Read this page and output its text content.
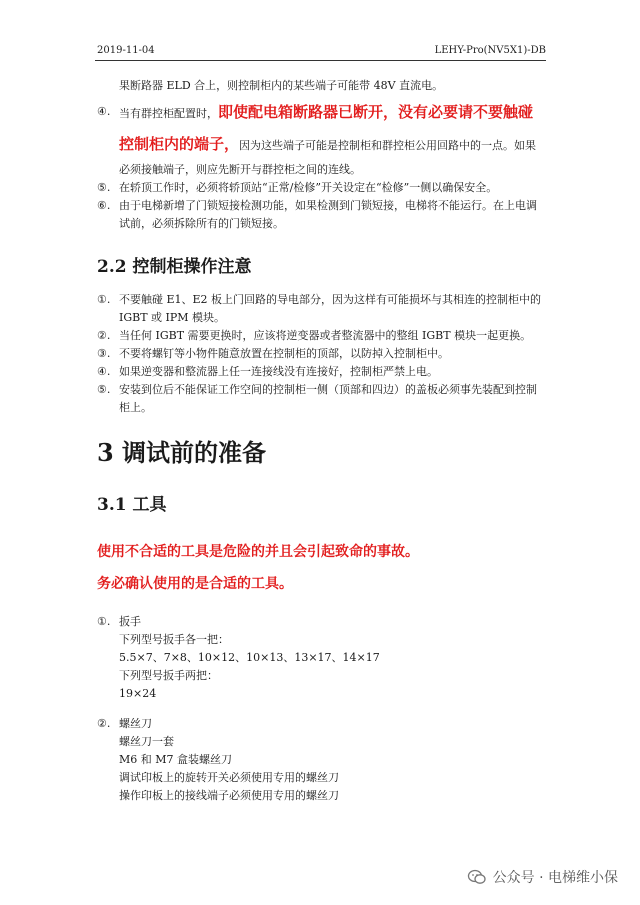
2019-11-04	LEHY-Pro(NV5X1)-DB
果断路器 ELD 合上，则控制柜内的某些端子可能带 48V 直流电。
④. 当有群控柜配置时，即使配电箱断路器已断开，没有必要请不要触碰
控制柜内的端子，因为这些端子可能是控制柜和群控柜公用回路中的一点。如果
必须接触端子，则应先断开与群控柜之间的连线。
⑤. 在轿顶工作时，必须将轿顶站“正常/检修”开关设定在“检修”一侧以确保安全。
⑥. 由于电梯新增了门锁短接检测功能，如果检测到门锁短接，电梯将不能运行。在上电调
试前，必须拆除所有的门锁短接。
2.2 控制柜操作注意
①. 不要触碰 E1、E2 板上门回路的导电部分，因为这样有可能损坏与其相连的控制柜中的
IGBT 或 IPM 模块。
②. 当任何 IGBT 需要更换时，应该将逆变器或者整流器中的整组 IGBT 模块一起更换。
③. 不要将螺钉等小物件随意放置在控制柜的顶部，以防掉入控制柜中。
④. 如果逆变器和整流器上任一连接线没有连接好，控制柜严禁上电。
⑤. 安装到位后不能保证工作空间的控制柜一侧（顶部和四边）的盖板必须事先装配到控制
柜上。
3 调试前的准备
3.1 工具
使用不合适的工具是危险的并且会引起致命的事故。
务必确认使用的是合适的工具。
①. 扳手
下列型号扳手各一把：
5.5×7、7×8、10×12、10×13、13×17、14×17
下列型号扳手两把：
19×24
②. 螺丝刀
螺丝刀一套
M6 和 M7 盒装螺丝刀
调试印板上的旋转开关必须使用专用的螺丝刀
操作印板上的接线端子必须使用专用的螺丝刀
公众号 · 电梯维小保
